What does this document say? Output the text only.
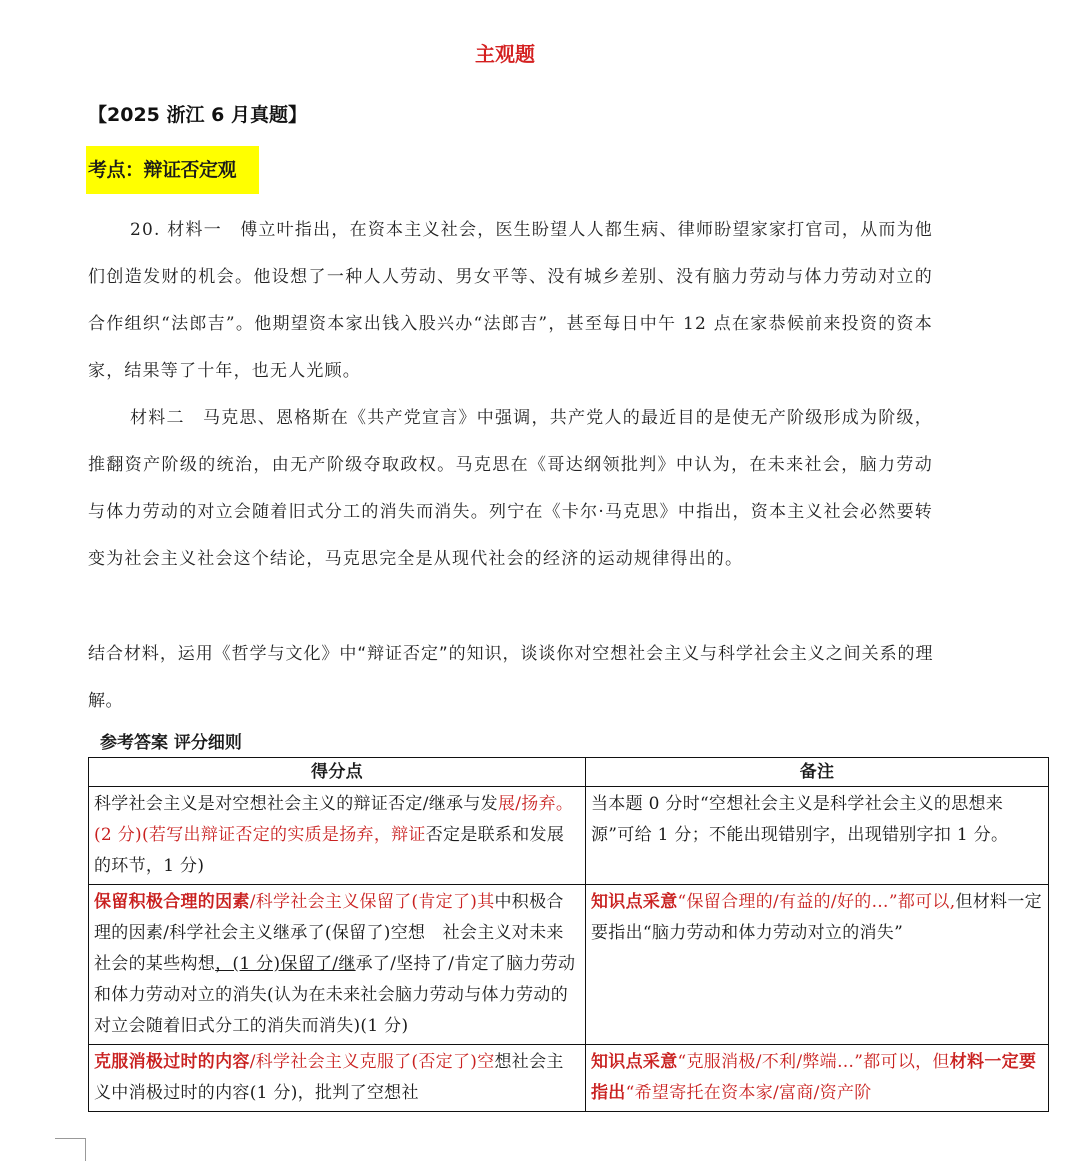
主观题
【2025 浙江 6 月真题】
考点：辩证否定观
20. 材料一　傅立叶指出，在资本主义社会，医生盼望人人都生病、律师盼望家家打官司，从而为他们创造发财的机会。他设想了一种人人劳动、男女平等、没有城乡差别、没有脑力劳动与体力劳动对立的合作组织“法郎吉”。他期望资本家出钱入股兴办“法郎吉”，甚至每日中午 12 点在家恭候前来投资的资本家，结果等了十年，也无人光顾。
材料二　马克思、恩格斯在《共产党宣言》中强调，共产党人的最近目的是使无产阶级形成为阶级，推翻资产阶级的统治，由无产阶级夺取政权。马克思在《哥达纲领批判》中认为，在未来社会，脑力劳动与体力劳动的对立会随着旧式分工的消失而消失。列宁在《卡尔·马克思》中指出，资本主义社会必然要转变为社会主义社会这个结论，马克思完全是从现代社会的经济的运动规律得出的。
结合材料，运用《哲学与文化》中“辩证否定”的知识，谈谈你对空想社会主义与科学社会主义之间关系的理解。
参考答案 评分细则
得分点	备注
科学社会主义是对空想社会主义的辩证否定/继承与发展/扬弃。(2 分)(若写出辩证否定的实质是扬弃，辩证否定是联系和发展的环节，1 分)	当本题 0 分时“空想社会主义是科学社会主义的思想来源”可给 1 分；不能出现错别字，出现错别字扣 1 分。
保留积极合理的因素/科学社会主义保留了(肯定了)其中积极合理的因素/科学社会主义继承了(保留了)空想　社会主义对未来社会的某些构想，(1 分)保留了/继承了/坚持了/肯定了脑力劳动和体力劳动对立的消失(认为在未来社会脑力劳动与体力劳动的对立会随着旧式分工的消失而消失)(1 分)	知识点采意“保留合理的/有益的/好的…”都可以,但材料一定要指出“脑力劳动和体力劳动对立的消失”
克服消极过时的内容/科学社会主义克服了(否定了)空想社会主义中消极过时的内容(1 分)，批判了空想社	知识点采意“克服消极/不利/弊端…”都可以，但材料一定要指出“希望寄托在资本家/富商/资产阶
